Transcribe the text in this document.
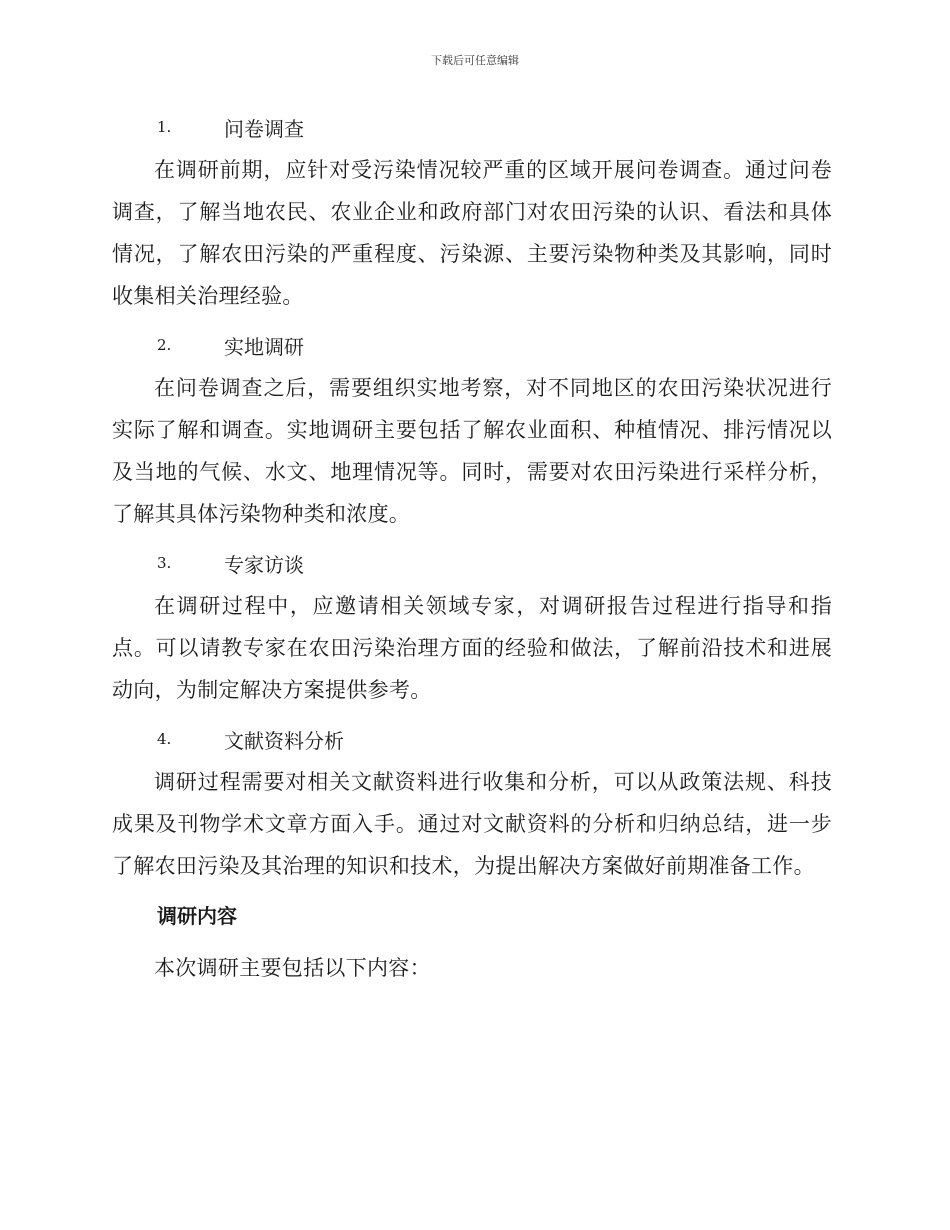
下载后可任意编辑
1.	问卷调查

在调研前期，应针对受污染情况较严重的区域开展问卷调查。通过问卷调查，了解当地农民、农业企业和政府部门对农田污染的认识、看法和具体情况，了解农田污染的严重程度、污染源、主要污染物种类及其影响，同时收集相关治理经验。

2.	实地调研

在问卷调查之后，需要组织实地考察，对不同地区的农田污染状况进行实际了解和调查。实地调研主要包括了解农业面积、种植情况、排污情况以及当地的气候、水文、地理情况等。同时，需要对农田污染进行采样分析，了解其具体污染物种类和浓度。

3.	专家访谈

在调研过程中，应邀请相关领域专家，对调研报告过程进行指导和指点。可以请教专家在农田污染治理方面的经验和做法，了解前沿技术和进展动向，为制定解决方案提供参考。

4.	文献资料分析

调研过程需要对相关文献资料进行收集和分析，可以从政策法规、科技成果及刊物学术文章方面入手。通过对文献资料的分析和归纳总结，进一步了解农田污染及其治理的知识和技术，为提出解决方案做好前期准备工作。

调研内容

本次调研主要包括以下内容：
